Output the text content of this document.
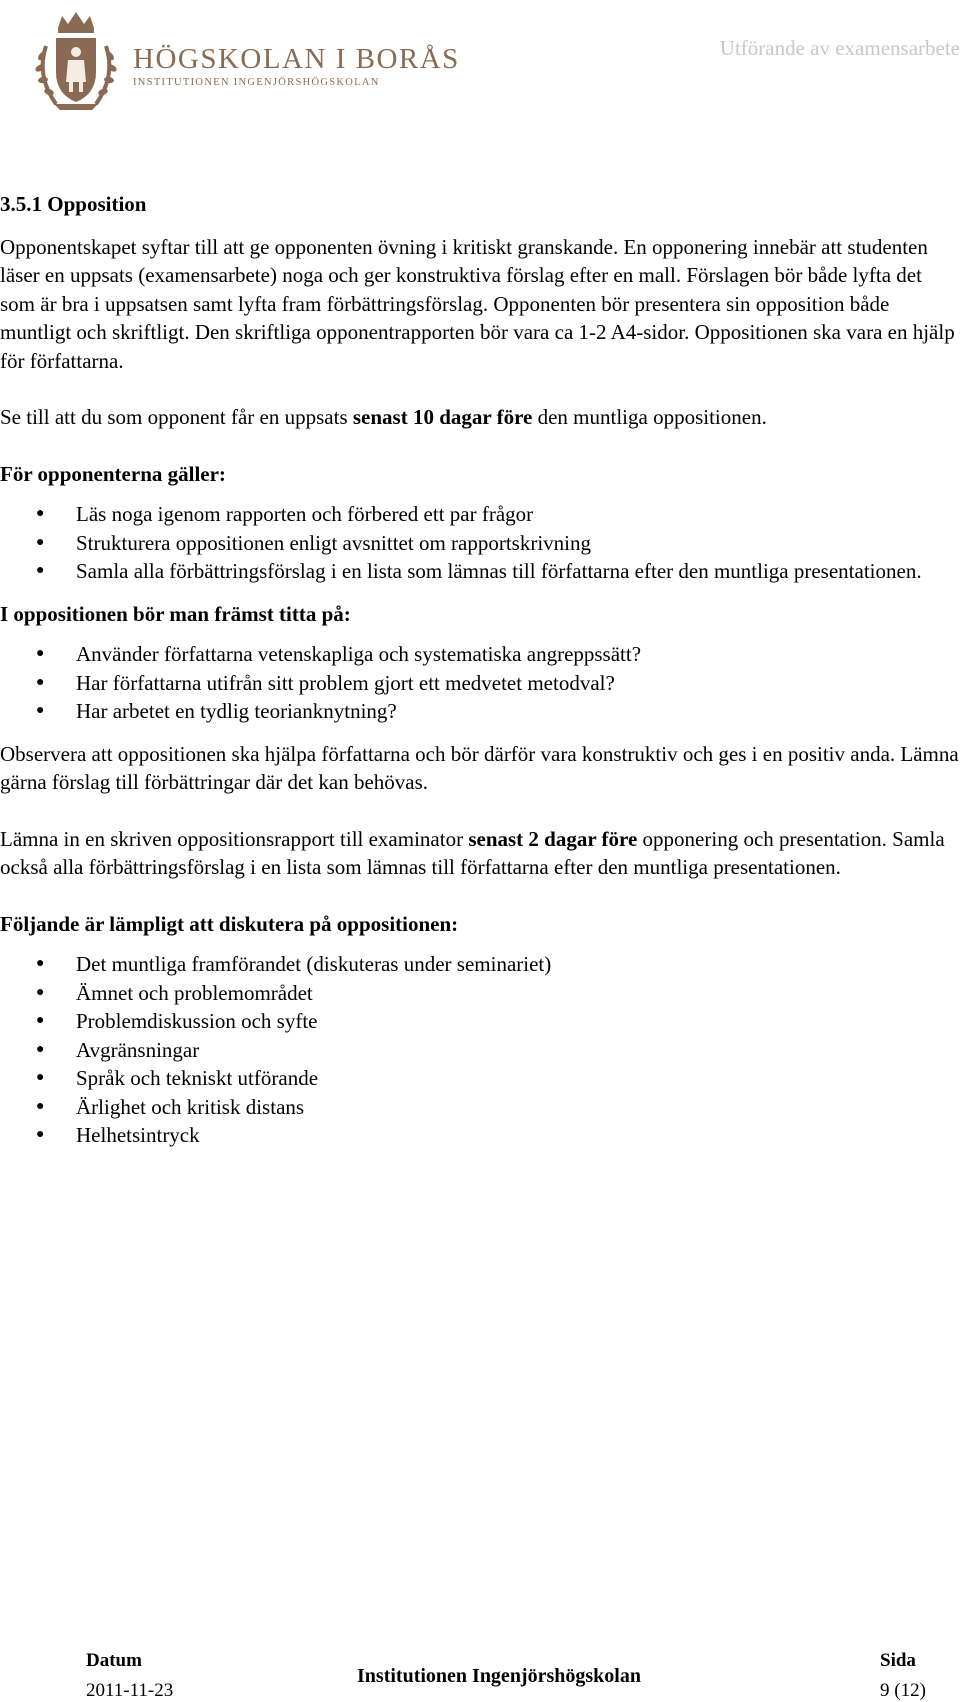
HÖGSKOLAN I BORÅS
INSTITUTIONEN INGENJÖRSHÖGSKOLAN
Utförande av examensarbete
3.5.1 Opposition

Opponentskapet syftar till att ge opponenten övning i kritiskt granskande. En opponering innebär att studenten läser en uppsats (examensarbete) noga och ger konstruktiva förslag efter en mall. Förslagen bör både lyfta det som är bra i uppsatsen samt lyfta fram förbättringsförslag. Opponenten bör presentera sin opposition både muntligt och skriftligt. Den skriftliga opponentrapporten bör vara ca 1-2 A4-sidor. Oppositionen ska vara en hjälp för författarna.

Se till att du som opponent får en uppsats senast 10 dagar före den muntliga oppositionen.

För opponenterna gäller:
● Läs noga igenom rapporten och förbered ett par frågor
● Strukturera oppositionen enligt avsnittet om rapportskrivning
● Samla alla förbättringsförslag i en lista som lämnas till författarna efter den muntliga presentationen.
I oppositionen bör man främst titta på:
● Använder författarna vetenskapliga och systematiska angreppssätt?
● Har författarna utifrån sitt problem gjort ett medvetet metodval?
● Har arbetet en tydlig teorianknytning?

Observera att oppositionen ska hjälpa författarna och bör därför vara konstruktiv och ges i en positiv anda. Lämna gärna förslag till förbättringar där det kan behövas.

Lämna in en skriven oppositionsrapport till examinator senast 2 dagar före opponering och presentation. Samla också alla förbättringsförslag i en lista som lämnas till författarna efter den muntliga presentationen.

Följande är lämpligt att diskutera på oppositionen:
● Det muntliga framförandet (diskuteras under seminariet)
● Ämnet och problemområdet
● Problemdiskussion och syfte
● Avgränsningar
● Språk och tekniskt utförande
● Ärlighet och kritisk distans
● Helhetsintryck
Datum
2011-11-23
Institutionen Ingenjörshögskolan
Sida
9 (12)
